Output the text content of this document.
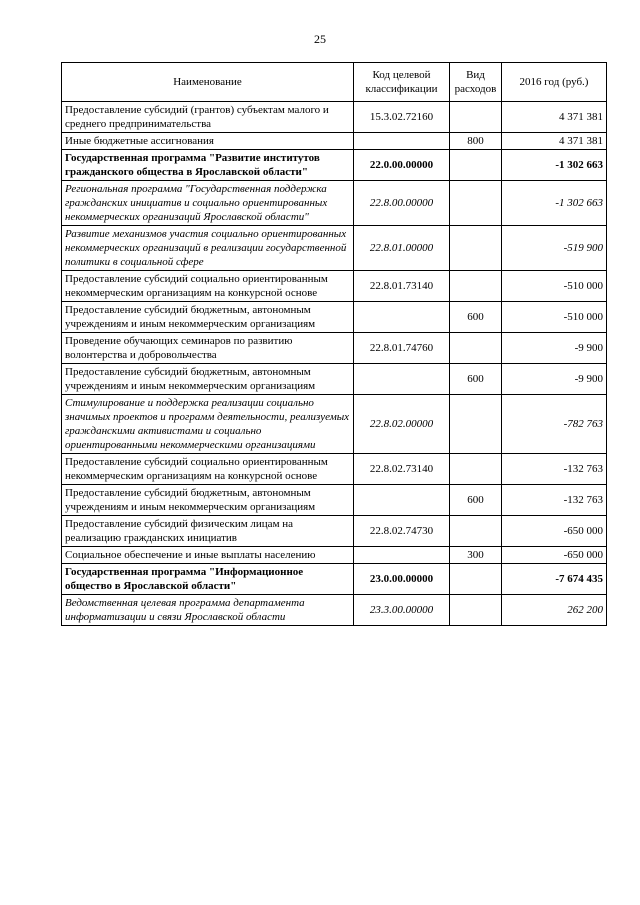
25
Наименование	Код целевой классификации	Вид расходов	2016 год (руб.)
Предоставление субсидий (грантов) субъектам малого и среднего предпринимательства	15.3.02.72160		4 371 381
Иные бюджетные ассигнования		800	4 371 381
Государственная программа "Развитие институтов гражданского общества в Ярославской области"	22.0.00.00000		-1 302 663
Региональная программа "Государственная поддержка гражданских инициатив и социально ориентированных некоммерческих организаций Ярославской области"	22.8.00.00000		-1 302 663
Развитие механизмов участия социально ориентированных некоммерческих организаций в реализации государственной политики в социальной сфере	22.8.01.00000		-519 900
Предоставление субсидий социально ориентированным некоммерческим организациям на конкурсной основе	22.8.01.73140		-510 000
Предоставление субсидий бюджетным, автономным учреждениям и иным некоммерческим организациям		600	-510 000
Проведение обучающих семинаров по развитию волонтерства и добровольчества	22.8.01.74760		-9 900
Предоставление субсидий бюджетным, автономным учреждениям и иным некоммерческим организациям		600	-9 900
Стимулирование и поддержка реализации социально значимых проектов и программ деятельности, реализуемых гражданскими активистами и социально ориентированными некоммерческими организациями	22.8.02.00000		-782 763
Предоставление субсидий социально ориентированным некоммерческим организациям на конкурсной основе	22.8.02.73140		-132 763
Предоставление субсидий бюджетным, автономным учреждениям и иным некоммерческим организациям		600	-132 763
Предоставление субсидий физическим лицам на реализацию гражданских инициатив	22.8.02.74730		-650 000
Социальное обеспечение и иные выплаты населению		300	-650 000
Государственная программа "Информационное общество в Ярославской области"	23.0.00.00000		-7 674 435
Ведомственная целевая программа департамента информатизации и связи Ярославской области	23.3.00.00000		262 200
